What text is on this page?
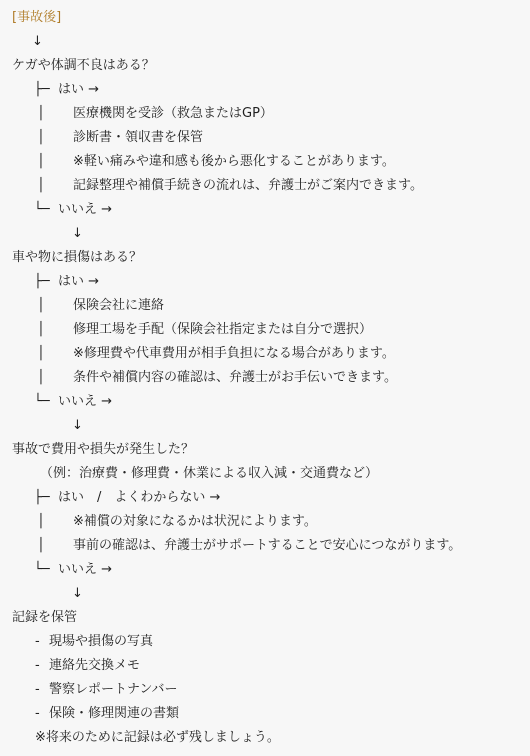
[事故後]
↓
ケガや体調不良はある？
├─ はい →
│ 医療機関を受診（救急またはGP）
│ 診断書・領収書を保管
│ ※軽い痛みや違和感も後から悪化することがあります。
│ 記録整理や補償手続きの流れは、弁護士がご案内できます。
└─ いいえ →
↓
車や物に損傷はある？
├─ はい →
│ 保険会社に連絡
│ 修理工場を手配（保険会社指定または自分で選択）
│ ※修理費や代車費用が相手負担になる場合があります。
│ 条件や補償内容の確認は、弁護士がお手伝いできます。
└─ いいえ →
↓
事故で費用や損失が発生した？
（例：治療費・修理費・休業による収入減・交通費など）
├─ はい　/　よくわからない →
│ ※補償の対象になるかは状況によります。
│ 事前の確認は、弁護士がサポートすることで安心につながります。
└─ いいえ →
↓
記録を保管
- 現場や損傷の写真
- 連絡先交換メモ
- 警察レポートナンバー
- 保険・修理関連の書類
※将来のために記録は必ず残しましょう。
